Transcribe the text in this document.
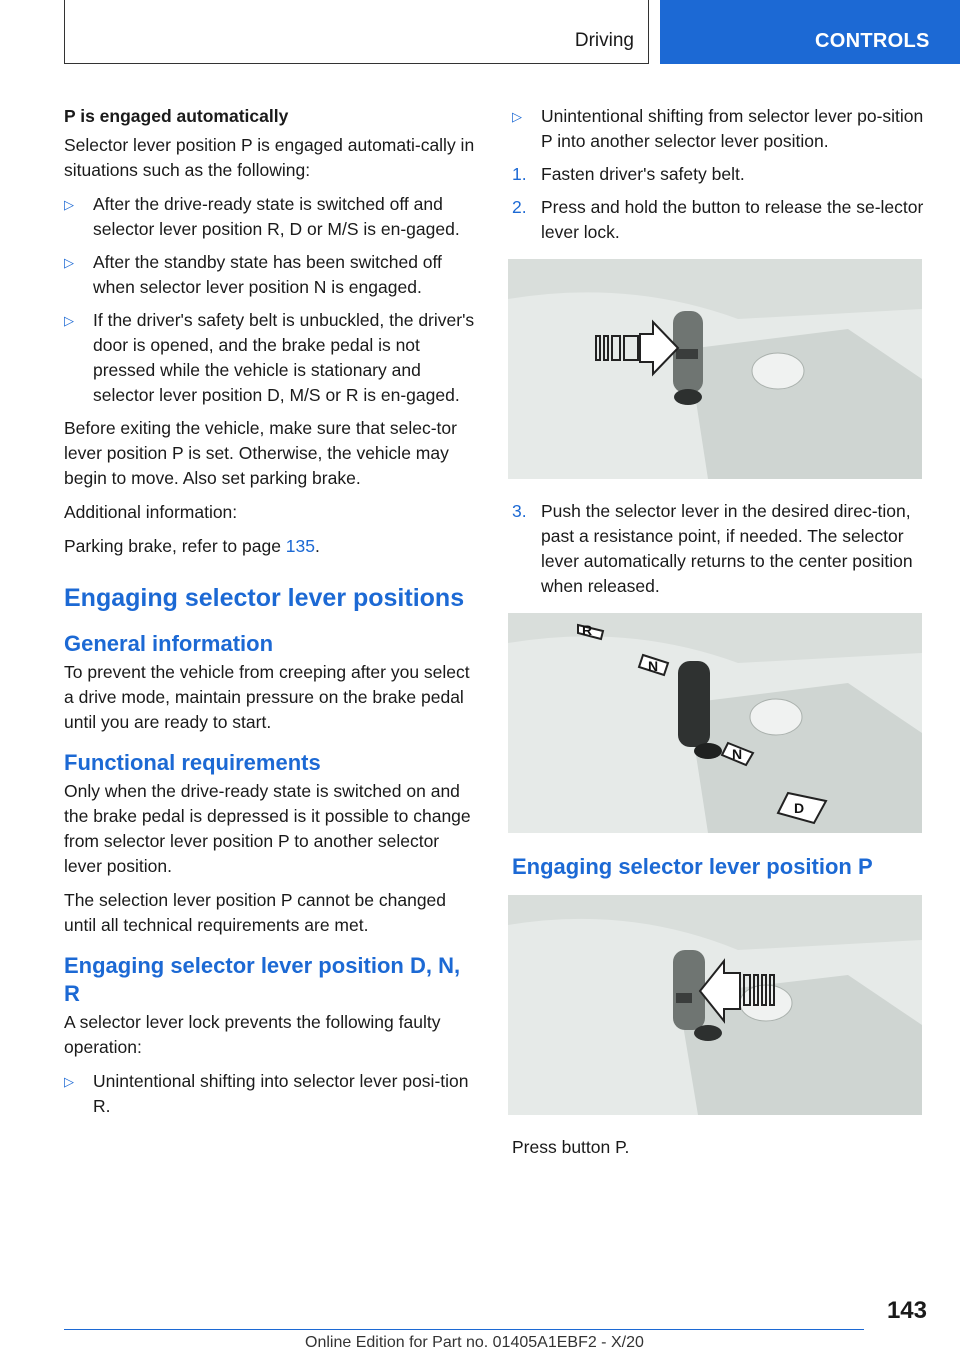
Driving	CONTROLS

P is engaged automatically

Selector lever position P is engaged automati-cally in situations such as the following:

▷ After the drive-ready state is switched off and selector lever position R, D or M/S is en-gaged.
▷ After the standby state has been switched off when selector lever position N is engaged.
▷ If the driver's safety belt is unbuckled, the driver's door is opened, and the brake pedal is not pressed while the vehicle is stationary and selector lever position D, M/S or R is en-gaged.

Before exiting the vehicle, make sure that selec-tor lever position P is set. Otherwise, the vehicle may begin to move. Also set parking brake.

Additional information:

Parking brake, refer to page 135.

Engaging selector lever positions
General information

To prevent the vehicle from creeping after you select a drive mode, maintain pressure on the brake pedal until you are ready to start.

Functional requirements

Only when the drive-ready state is switched on and the brake pedal is depressed is it possible to change from selector lever position P to another selector lever position.

The selection lever position P cannot be changed until all technical requirements are met.

Engaging selector lever position D, N, R

A selector lever lock prevents the following faulty operation:

▷ Unintentional shifting into selector lever posi-tion R.
▷ Unintentional shifting from selector lever po-sition P into another selector lever position.
1. Fasten driver's safety belt.
2. Press and hold the button to release the se-lector lever lock.
3. Push the selector lever in the desired direc-tion, past a resistance point, if needed. The selector lever automatically returns to the center position when released.
R
N
N
D
Engaging selector lever position P

Press button P.

143
Online Edition for Part no. 01405A1EBF2 - X/20
